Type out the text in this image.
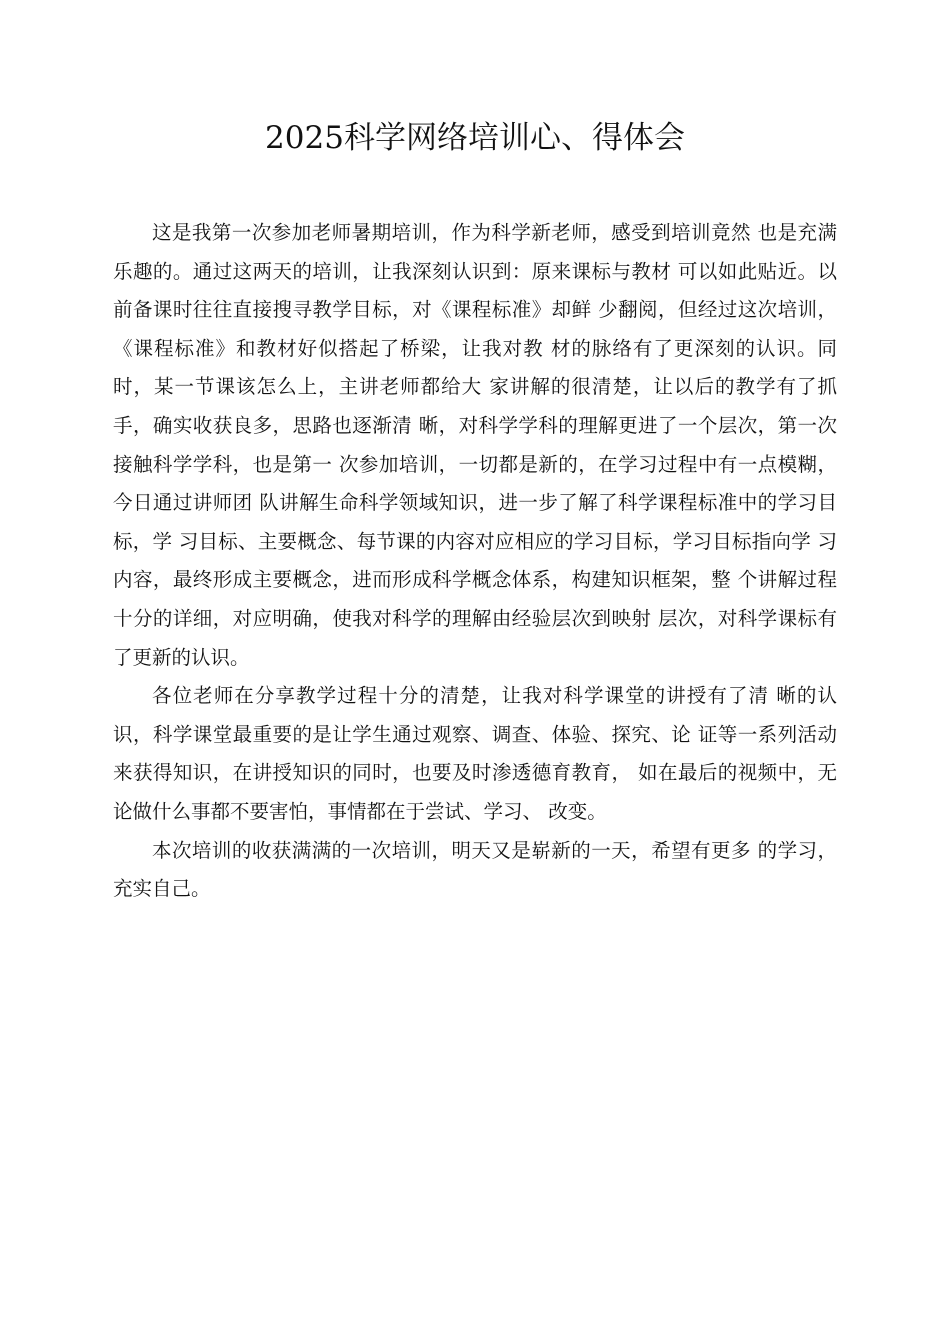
2025科学网络培训心、得体会

这是我第一次参加老师暑期培训，作为科学新老师，感受到培训竟然 也是充满乐趣的。通过这两天的培训，让我深刻认识到：原来课标与教材 可以如此贴近。以前备课时往往直接搜寻教学目标，对《课程标准》却鲜 少翻阅，但经过这次培训，《课程标准》和教材好似搭起了桥梁，让我对教 材的脉络有了更深刻的认识。同时，某一节课该怎么上，主讲老师都给大 家讲解的很清楚，让以后的教学有了抓手，确实收获良多，思路也逐渐清 晰，对科学学科的理解更进了一个层次，第一次接触科学学科，也是第一 次参加培训，一切都是新的，在学习过程中有一点模糊，今日通过讲师团 队讲解生命科学领域知识，进一步了解了科学课程标准中的学习目标，学 习目标、主要概念、每节课的内容对应相应的学习目标，学习目标指向学 习内容，最终形成主要概念，进而形成科学概念体系，构建知识框架，整 个讲解过程十分的详细，对应明确，使我对科学的理解由经验层次到映射 层次，对科学课标有了更新的认识。

各位老师在分享教学过程十分的清楚，让我对科学课堂的讲授有了清 晰的认识，科学课堂最重要的是让学生通过观察、调查、体验、探究、论 证等一系列活动来获得知识，在讲授知识的同时，也要及时渗透德育教育， 如在最后的视频中，无论做什么事都不要害怕，事情都在于尝试、学习、 改变。

本次培训的收获满满的一次培训，明天又是崭新的一天，希望有更多 的学习，充实自己。
